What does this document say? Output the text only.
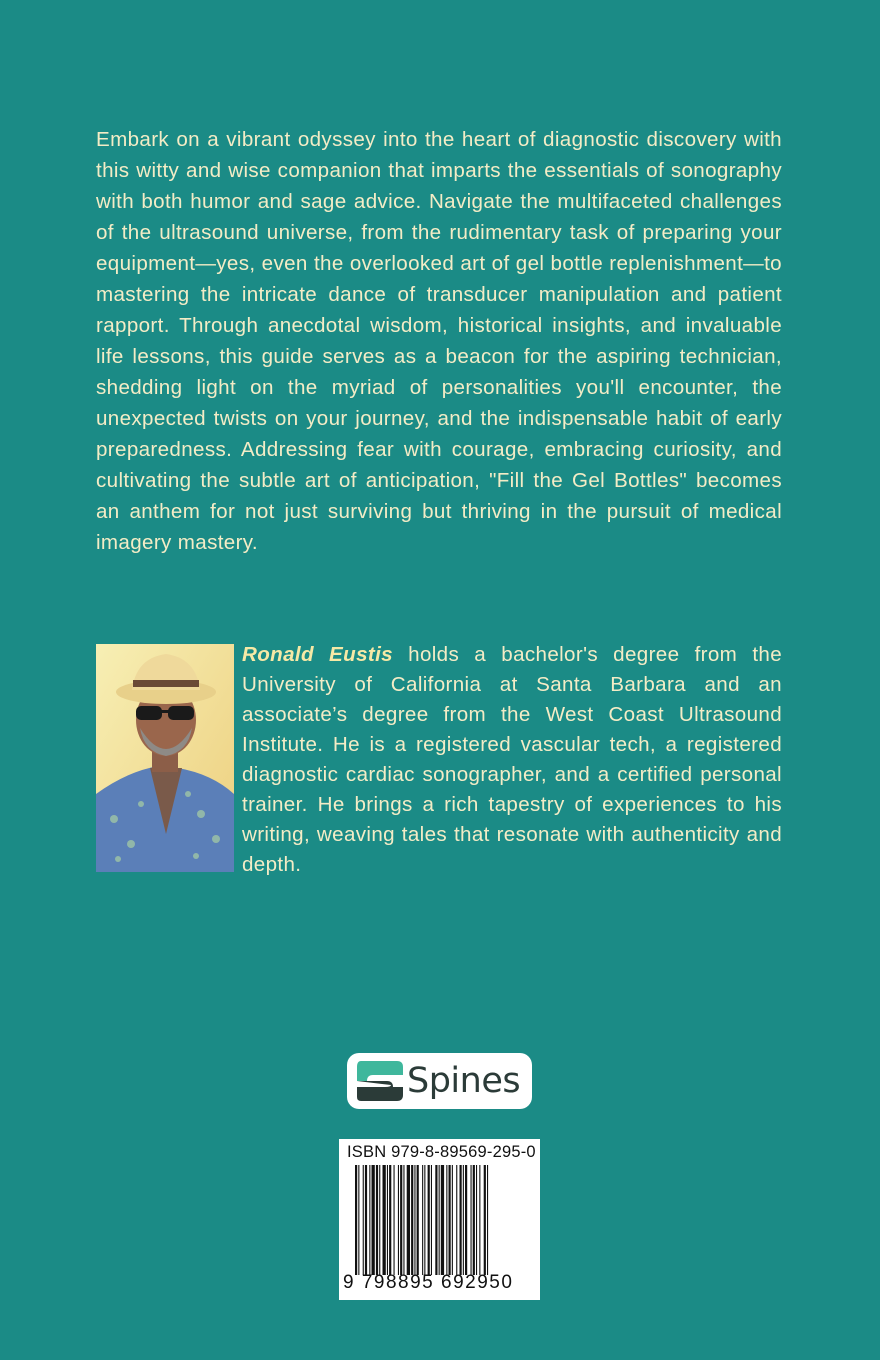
Embark on a vibrant odyssey into the heart of diagnostic discovery with this witty and wise companion that imparts the essentials of sonography with both humor and sage advice. Navigate the multifaceted challenges of the ultrasound universe, from the rudimentary task of preparing your equipment—yes, even the overlooked art of gel bottle replenishment—to mastering the intricate dance of transducer manipulation and patient rapport. Through anecdotal wisdom, historical insights, and invaluable life lessons, this guide serves as a beacon for the aspiring technician, shedding light on the myriad of personalities you'll encounter, the unexpected twists on your journey, and the indispensable habit of early preparedness. Addressing fear with courage, embracing curiosity, and cultivating the subtle art of anticipation, "Fill the Gel Bottles" becomes an anthem for not just surviving but thriving in the pursuit of medical imagery mastery.

Ronald Eustis holds a bachelor's degree from the University of California at Santa Barbara and an associate’s degree from the West Coast Ultrasound Institute. He is a registered vascular tech, a registered diagnostic cardiac sonographer, and a certified personal trainer. He brings a rich tapestry of experiences to his writing, weaving tales that resonate with authenticity and depth.

Spines
ISBN 979-8-89569-295-0
9 798895 692950
